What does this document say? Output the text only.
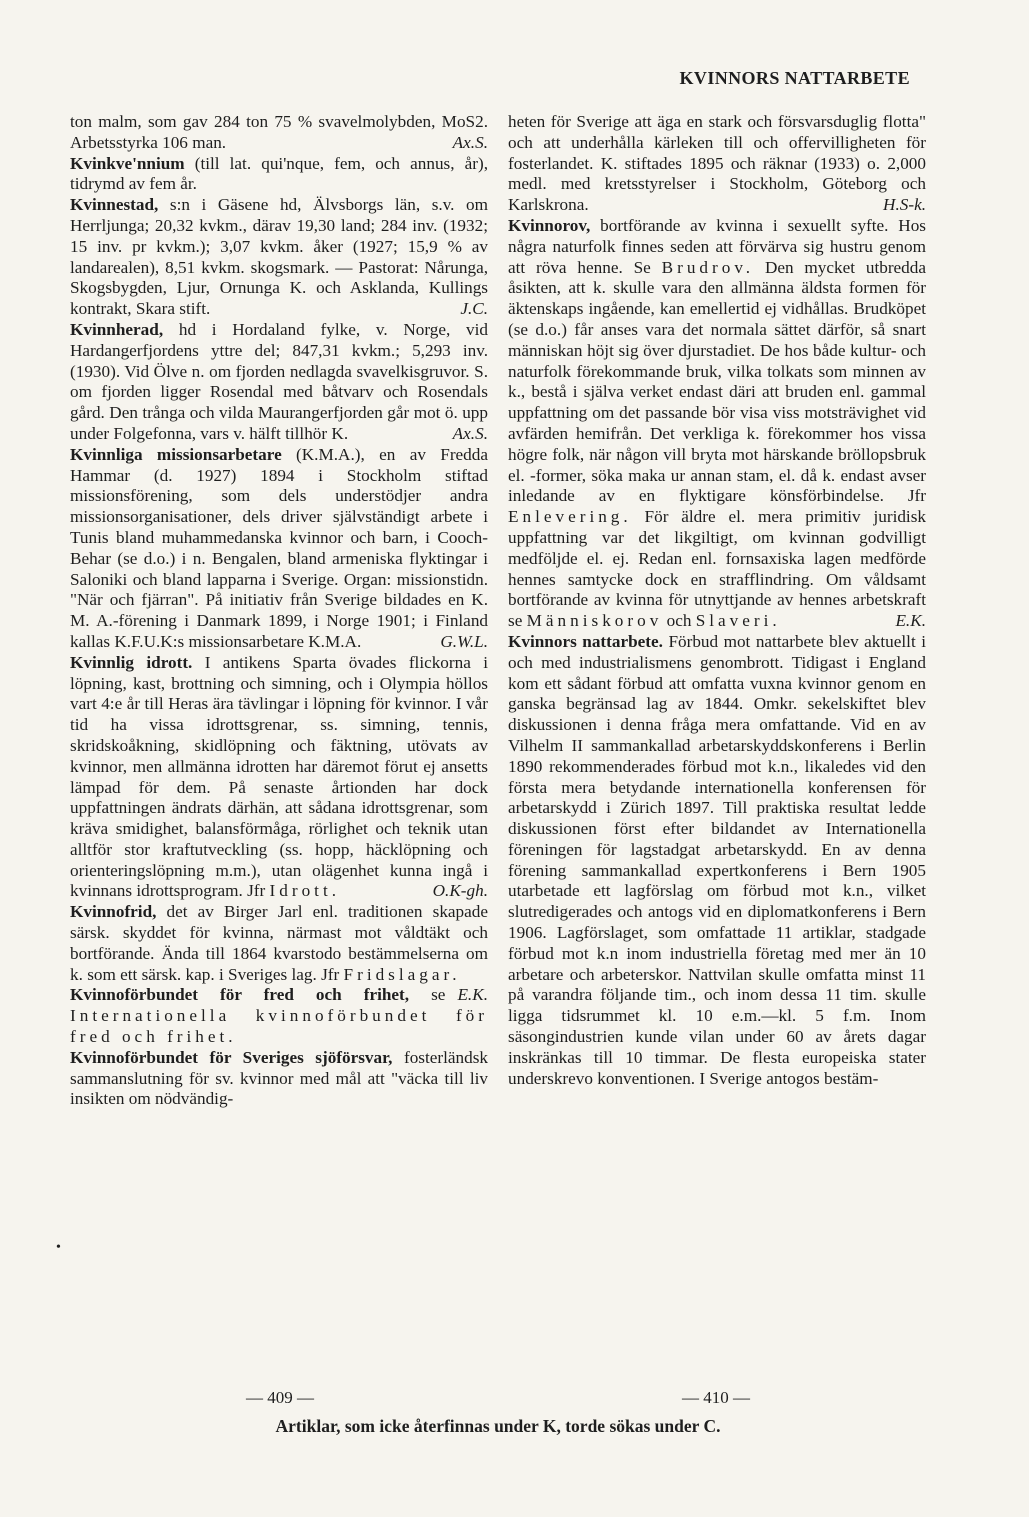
KVINNORS NATTARBETE

ton malm, som gav 284 ton 75 % svavelmolybden, MoS2. Arbetsstyrka 106 man.	Ax.S.

Kvinkve'nnium (till lat. qui'nque, fem, och annus, år), tidrymd av fem år.

Kvinnestad, s:n i Gäsene hd, Älvsborgs län, s.v. om Herrljunga; 20,32 kvkm., därav 19,30 land; 284 inv. (1932; 15 inv. pr kvkm.); 3,07 kvkm. åker (1927; 15,9 % av landarealen), 8,51 kvkm. skogsmark. — Pastorat: Nårunga, Skogsbygden, Ljur, Ornunga K. och Asklanda, Kullings kontrakt, Skara stift.	J.C.

Kvinnherad, hd i Hordaland fylke, v. Norge, vid Hardangerfjordens yttre del; 847,31 kvkm.; 5,293 inv. (1930). Vid Ölve n. om fjorden nedlagda svavelkisgruvor. S. om fjorden ligger Rosendal med båtvarv och Rosendals gård. Den trånga och vilda Maurangerfjorden går mot ö. upp under Folgefonna, vars v. hälft tillhör K.	Ax.S.

Kvinnliga missionsarbetare (K.M.A.), en av Fredda Hammar (d. 1927) 1894 i Stockholm stiftad missionsförening, som dels understödjer andra missionsorganisationer, dels driver självständigt arbete i Tunis bland muhammedanska kvinnor och barn, i Cooch-Behar (se d.o.) i n. Bengalen, bland armeniska flyktingar i Saloniki och bland lapparna i Sverige. Organ: missionstidn. "När och fjärran". På initiativ från Sverige bildades en K. M. A.-förening i Danmark 1899, i Norge 1901; i Finland kallas K.F.U.K:s missionsarbetare K.M.A.	G.W.L.

Kvinnlig idrott. I antikens Sparta övades flickorna i löpning, kast, brottning och simning, och i Olympia höllos vart 4:e år till Heras ära tävlingar i löpning för kvinnor. I vår tid ha vissa idrottsgrenar, ss. simning, tennis, skridskoåkning, skidlöpning och fäktning, utövats av kvinnor, men allmänna idrotten har däremot förut ej ansetts lämpad för dem. På senaste årtionden har dock uppfattningen ändrats därhän, att sådana idrottsgrenar, som kräva smidighet, balansförmåga, rörlighet och teknik utan alltför stor kraftutveckling (ss. hopp, häcklöpning och orienteringslöpning m.m.), utan olägenhet kunna ingå i kvinnans idrottsprogram. Jfr Idrott.	O.K-gh.

Kvinnofrid, det av Birger Jarl enl. traditionen skapade särsk. skyddet för kvinna, närmast mot våldtäkt och bortförande. Ända till 1864 kvarstodo bestämmelserna om k. som ett särsk. kap. i Sveriges lag. Jfr Fridslagar.
E.K.

Kvinnoförbundet för fred och frihet, se Internationella kvinnoförbundet för fred och frihet.

Kvinnoförbundet för Sveriges sjöförsvar, fosterländsk sammanslutning för sv. kvinnor med mål att "väcka till liv insikten om nödvändig-

•

heten för Sverige att äga en stark och försvarsduglig flotta" och att underhålla kärleken till och offervilligheten för fosterlandet. K. stiftades 1895 och räknar (1933) o. 2,000 medl. med kretsstyrelser i Stockholm, Göteborg och Karlskrona.	H.S-k.

Kvinnorov, bortförande av kvinna i sexuellt syfte. Hos några naturfolk finnes seden att förvärva sig hustru genom att röva henne. Se Brudrov. Den mycket utbredda åsikten, att k. skulle vara den allmänna äldsta formen för äktenskaps ingående, kan emellertid ej vidhållas. Brudköpet (se d.o.) får anses vara det normala sättet därför, så snart människan höjt sig över djurstadiet. De hos både kultur- och naturfolk förekommande bruk, vilka tolkats som minnen av k., bestå i själva verket endast däri att bruden enl. gammal uppfattning om det passande bör visa viss motsträvighet vid avfärden hemifrån. Det verkliga k. förekommer hos vissa högre folk, när någon vill bryta mot härskande bröllopsbruk el. -former, söka maka ur annan stam, el. då k. endast avser inledande av en flyktigare könsförbindelse. Jfr Enlevering. För äldre el. mera primitiv juridisk uppfattning var det likgiltigt, om kvinnan godvilligt medföljde el. ej. Redan enl. fornsaxiska lagen medförde hennes samtycke dock en strafflindring. Om våldsamt bortförande av kvinna för utnyttjande av hennes arbetskraft se Människorov och Slaveri.	E.K.

Kvinnors nattarbete. Förbud mot nattarbete blev aktuellt i och med industrialismens genombrott. Tidigast i England kom ett sådant förbud att omfatta vuxna kvinnor genom en ganska begränsad lag av 1844. Omkr. sekelskiftet blev diskussionen i denna fråga mera omfattande. Vid en av Vilhelm II sammankallad arbetarskyddskonferens i Berlin 1890 rekommenderades förbud mot k.n., likaledes vid den första mera betydande internationella konferensen för arbetarskydd i Zürich 1897. Till praktiska resultat ledde diskussionen först efter bildandet av Internationella föreningen för lagstadgat arbetarskydd. En av denna förening sammankallad expertkonferens i Bern 1905 utarbetade ett lagförslag om förbud mot k.n., vilket slutredigerades och antogs vid en diplomatkonferens i Bern 1906. Lagförslaget, som omfattade 11 artiklar, stadgade förbud mot k.n inom industriella företag med mer än 10 arbetare och arbeterskor. Nattvilan skulle omfatta minst 11 på varandra följande tim., och inom dessa 11 tim. skulle ligga tidsrummet kl. 10 e.m.—kl. 5 f.m. Inom säsongindustrien kunde vilan under 60 av årets dagar inskränkas till 10 timmar. De flesta europeiska stater underskrevo konventionen. I Sverige antogos bestäm-

— 409 —	— 410 —
Artiklar, som icke återfinnas under K, torde sökas under C.
